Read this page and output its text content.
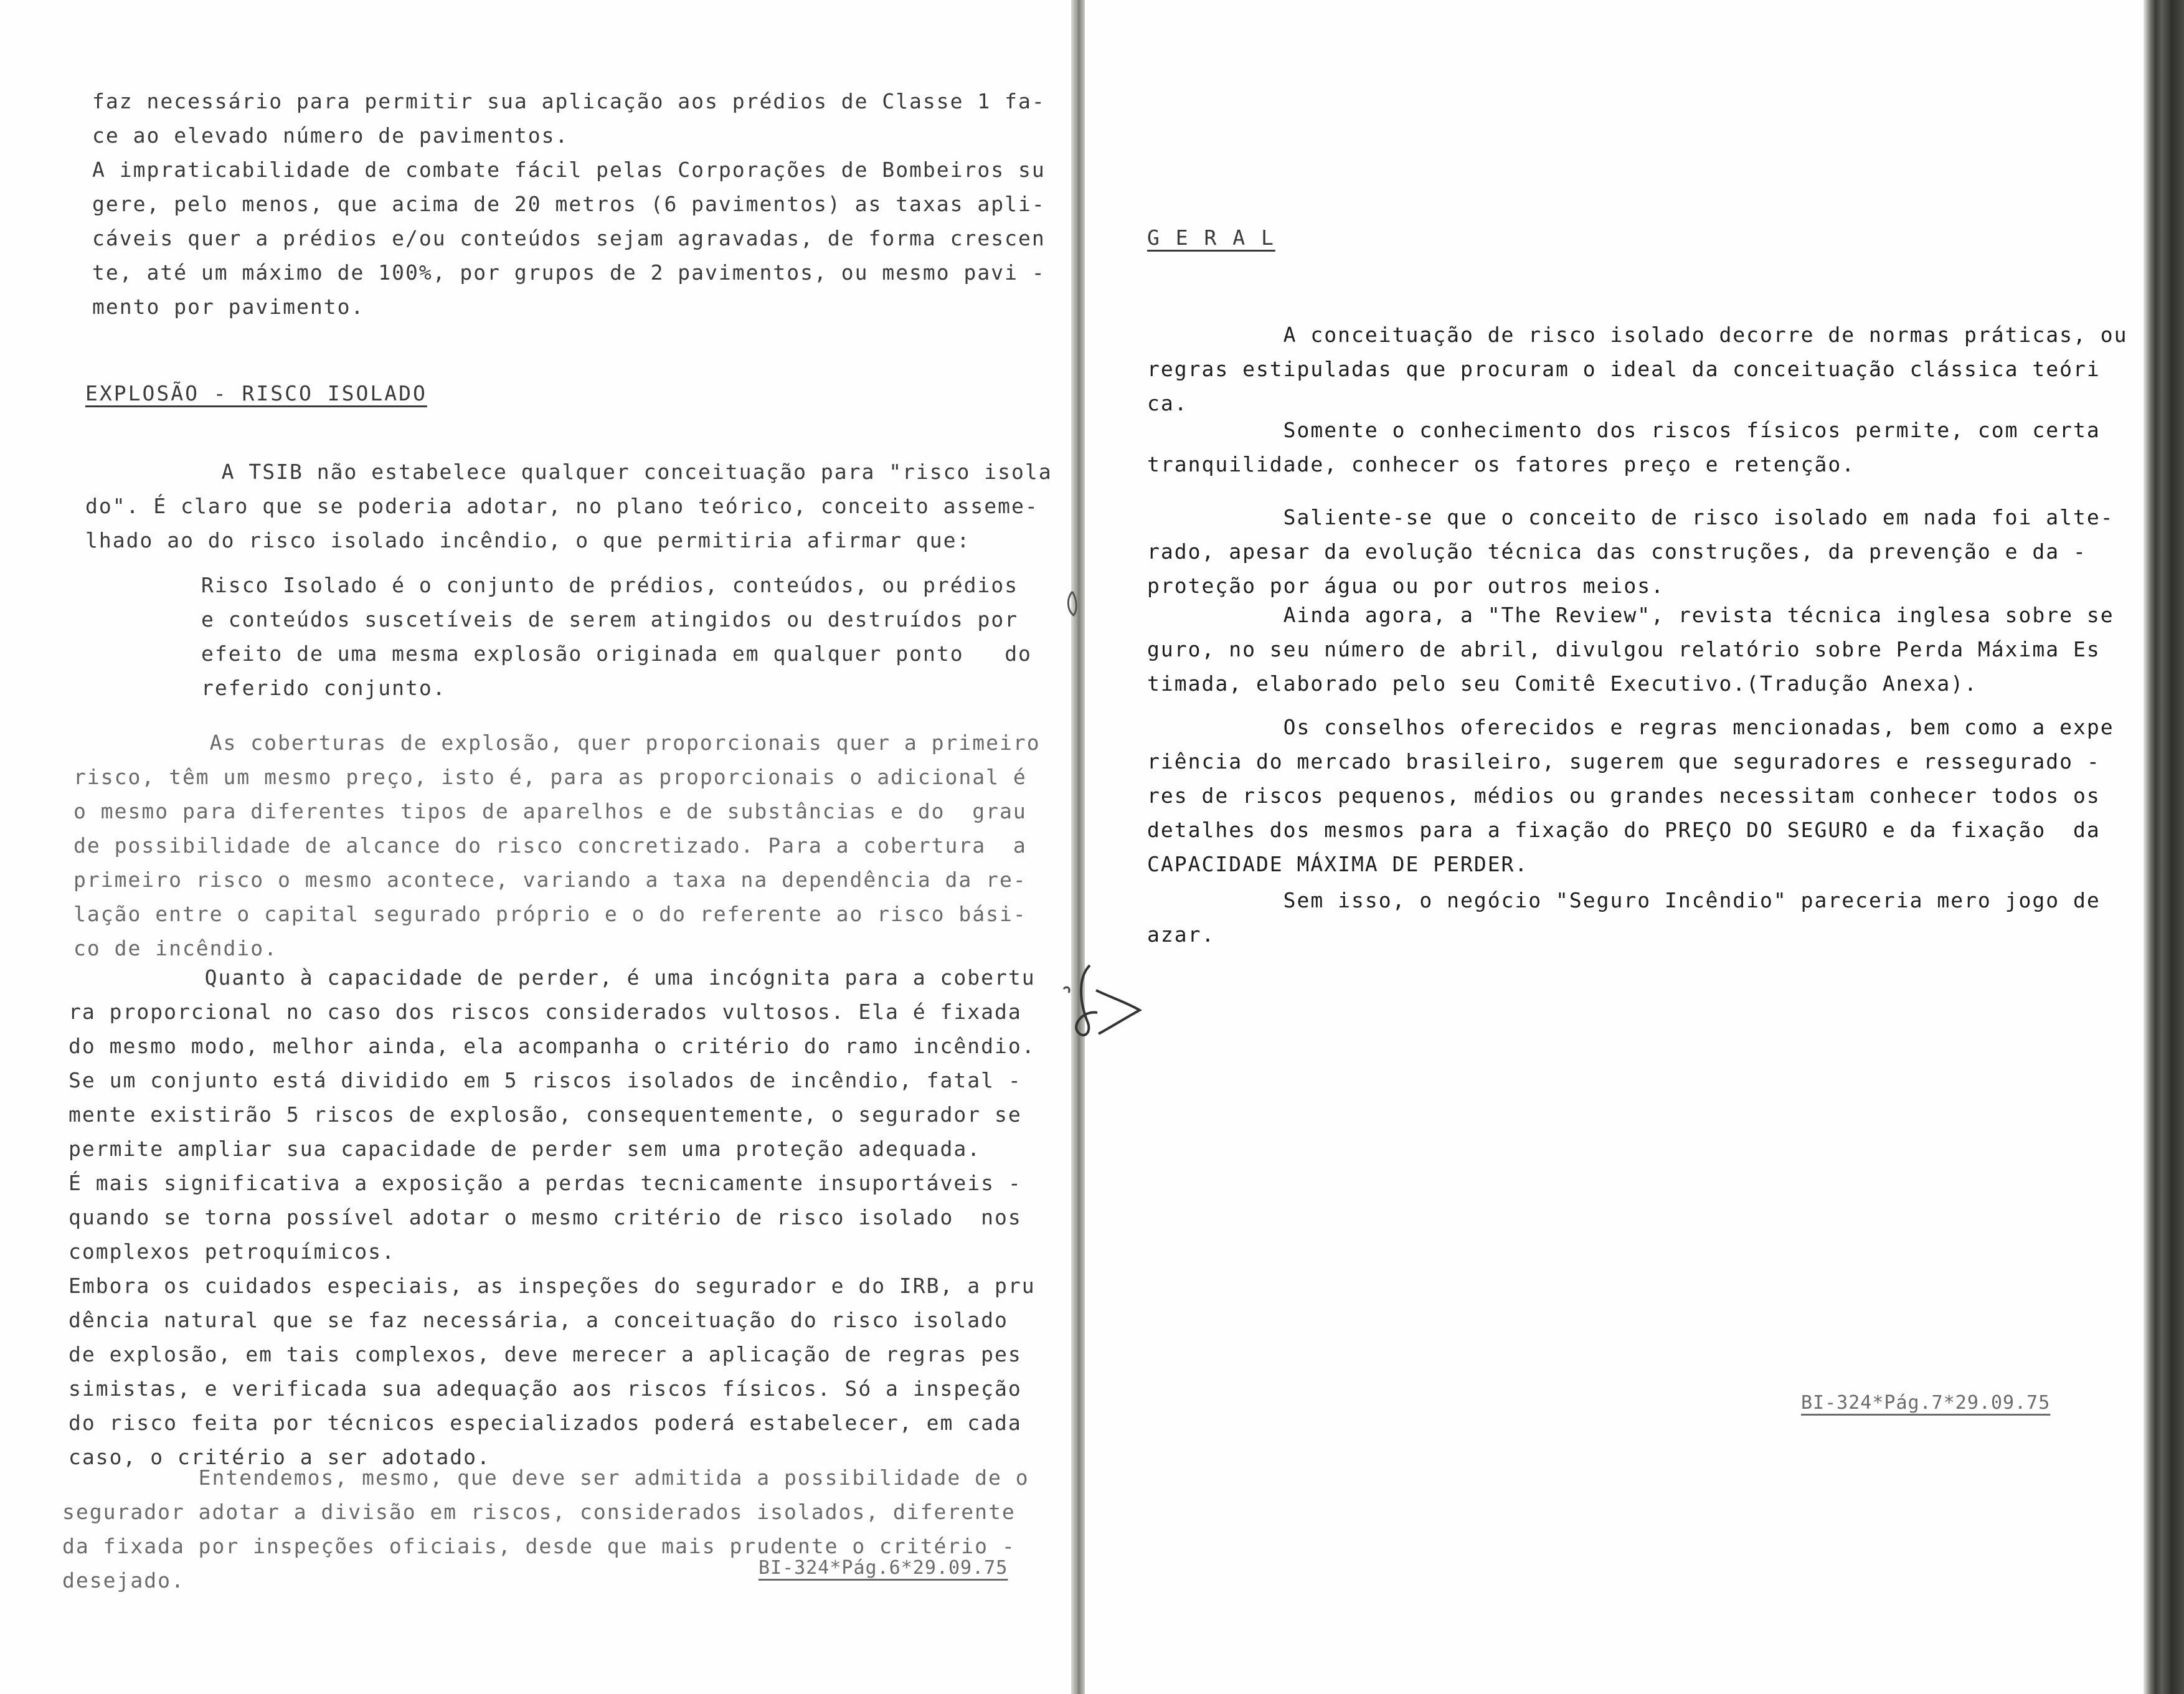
faz necessário para permitir sua aplicação aos prédios de Classe 1 fa-
ce ao elevado número de pavimentos.
A impraticabilidade de combate fácil pelas Corporações de Bombeiros su
gere, pelo menos, que acima de 20 metros (6 pavimentos) as taxas apli-
cáveis quer a prédios e/ou conteúdos sejam agravadas, de forma crescen
te, até um máximo de 100%, por grupos de 2 pavimentos, ou mesmo pavi -
mento por pavimento.
EXPLOSÃO - RISCO ISOLADO
A TSIB não estabelece qualquer conceituação para "risco isola
do". É claro que se poderia adotar, no plano teórico, conceito asseme-
lhado ao do risco isolado incêndio, o que permitiria afirmar que:
Risco Isolado é o conjunto de prédios, conteúdos, ou prédios
e conteúdos suscetíveis de serem atingidos ou destruídos por
efeito de uma mesma explosão originada em qualquer ponto   do
referido conjunto.
As coberturas de explosão, quer proporcionais quer a primeiro
risco, têm um mesmo preço, isto é, para as proporcionais o adicional é
o mesmo para diferentes tipos de aparelhos e de substâncias e do  grau
de possibilidade de alcance do risco concretizado. Para a cobertura  a
primeiro risco o mesmo acontece, variando a taxa na dependência da re-
lação entre o capital segurado próprio e o do referente ao risco bási-
co de incêndio.
Quanto à capacidade de perder, é uma incógnita para a cobertu
ra proporcional no caso dos riscos considerados vultosos. Ela é fixada
do mesmo modo, melhor ainda, ela acompanha o critério do ramo incêndio.
Se um conjunto está dividido em 5 riscos isolados de incêndio, fatal -
mente existirão 5 riscos de explosão, consequentemente, o segurador se
permite ampliar sua capacidade de perder sem uma proteção adequada.
É mais significativa a exposição a perdas tecnicamente insuportáveis -
quando se torna possível adotar o mesmo critério de risco isolado  nos
complexos petroquímicos.
Embora os cuidados especiais, as inspeções do segurador e do IRB, a pru
dência natural que se faz necessária, a conceituação do risco isolado
de explosão, em tais complexos, deve merecer a aplicação de regras pes
simistas, e verificada sua adequação aos riscos físicos. Só a inspeção
do risco feita por técnicos especializados poderá estabelecer, em cada
caso, o critério a ser adotado.
Entendemos, mesmo, que deve ser admitida a possibilidade de o
segurador adotar a divisão em riscos, considerados isolados, diferente
da fixada por inspeções oficiais, desde que mais prudente o critério -
desejado.
BI-324*Pág.6*29.09.75
G E R A L
A conceituação de risco isolado decorre de normas práticas, ou
regras estipuladas que procuram o ideal da conceituação clássica teóri
ca.
Somente o conhecimento dos riscos físicos permite, com certa
tranquilidade, conhecer os fatores preço e retenção.
Saliente-se que o conceito de risco isolado em nada foi alte-
rado, apesar da evolução técnica das construções, da prevenção e da -
proteção por água ou por outros meios.
Ainda agora, a "The Review", revista técnica inglesa sobre se
guro, no seu número de abril, divulgou relatório sobre Perda Máxima Es
timada, elaborado pelo seu Comitê Executivo.(Tradução Anexa).
Os conselhos oferecidos e regras mencionadas, bem como a expe
riência do mercado brasileiro, sugerem que seguradores e ressegurado -
res de riscos pequenos, médios ou grandes necessitam conhecer todos os
detalhes dos mesmos para a fixação do PREÇO DO SEGURO e da fixação  da
CAPACIDADE MÁXIMA DE PERDER.
Sem isso, o negócio "Seguro Incêndio" pareceria mero jogo de
azar.
BI-324*Pág.7*29.09.75
